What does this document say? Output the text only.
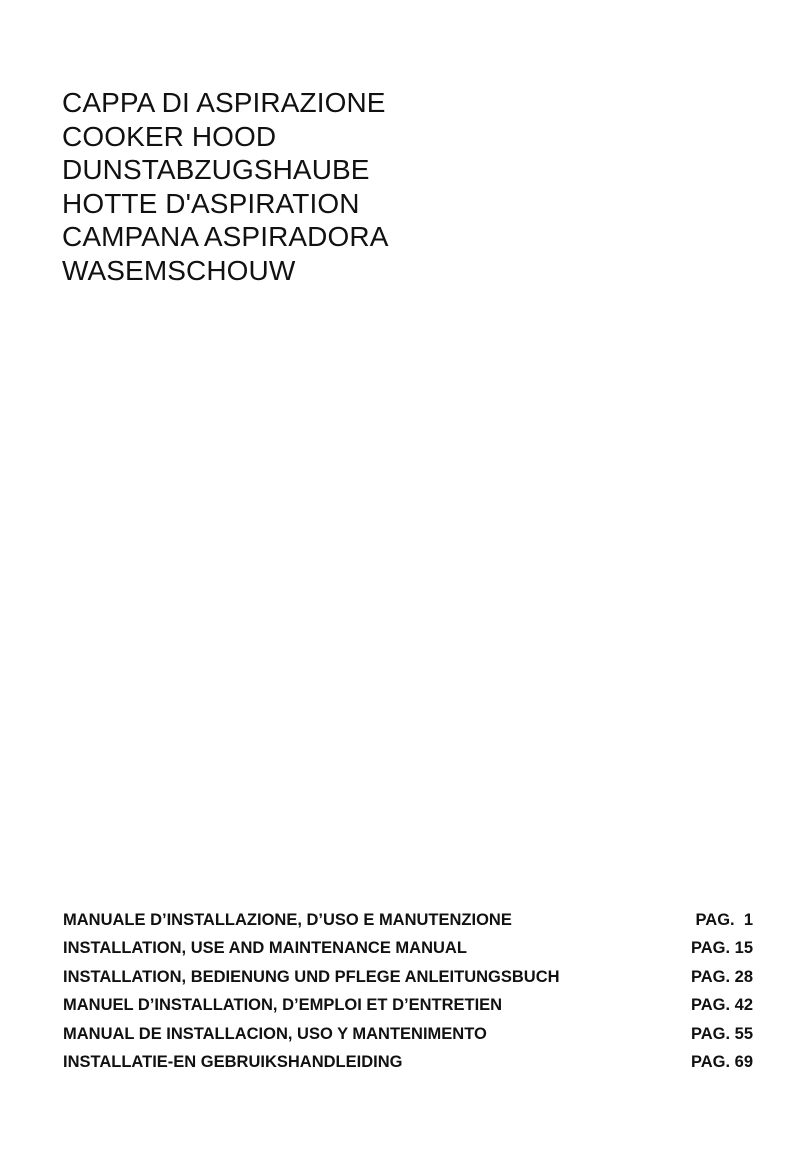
CAPPA DI ASPIRAZIONE
COOKER HOOD
DUNSTABZUGSHAUBE
HOTTE D'ASPIRATION
CAMPANA ASPIRADORA
WASEMSCHOUW
MANUALE D’INSTALLAZIONE, D’USO E MANUTENZIONE	PAG.  1
INSTALLATION, USE AND MAINTENANCE MANUAL	PAG. 15
INSTALLATION, BEDIENUNG UND PFLEGE ANLEITUNGSBUCH	PAG. 28
MANUEL D’INSTALLATION, D’EMPLOI ET D’ENTRETIEN	PAG. 42
MANUAL DE INSTALLACION, USO Y MANTENIMENTO	PAG. 55
INSTALLATIE-EN GEBRUIKSHANDLEIDING	PAG. 69
